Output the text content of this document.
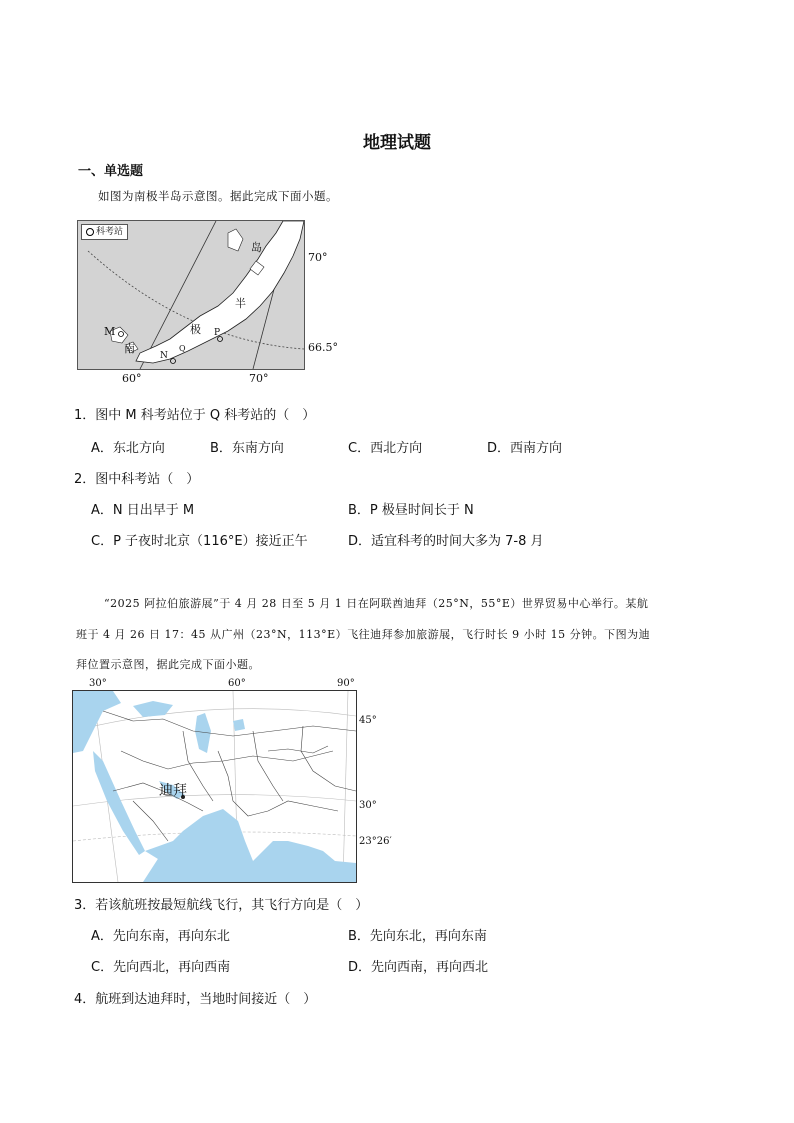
地理试题
一、单选题
如图为南极半岛示意图。据此完成下面小题。
科考站
岛
半
极
南
M	P
N
Q
70°
66.5°
60°	70°
1．图中 M 科考站位于 Q 科考站的（　）
A．东北方向	B．东南方向	C．西北方向	D．西南方向
2．图中科考站（　）
A．N 日出早于 M	B．P 极昼时间长于 N
C．P 子夜时北京（116°E）接近正午	D．适宜科考的时间大多为 7-8 月
“2025 阿拉伯旅游展”于 4 月 28 日至 5 月 1 日在阿联酋迪拜（25°N，55°E）世界贸易中心举行。某航
班于 4 月 26 日 17：45 从广州（23°N，113°E）飞往迪拜参加旅游展，飞行时长 9 小时 15 分钟。下图为迪
拜位置示意图，据此完成下面小题。
30°	60°	90°
迪拜
45°
30°
23°26′
3．若该航班按最短航线飞行，其飞行方向是（　）
A．先向东南，再向东北	B．先向东北，再向东南
C．先向西北，再向西南	D．先向西南，再向西北
4．航班到达迪拜时，当地时间接近（　）
